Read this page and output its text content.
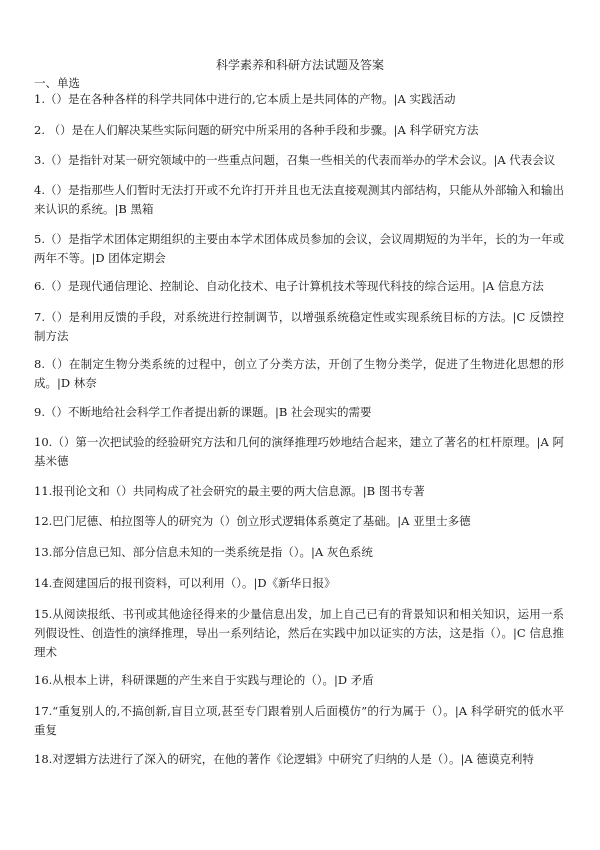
科学素养和科研方法试题及答案
一、单选
1.（）是在各种各样的科学共同体中进行的,它本质上是共同体的产物。|A 实践活动
2. （）是在人们解决某些实际问题的研究中所采用的各种手段和步骤。|A 科学研究方法
3.（）是指针对某一研究领域中的一些重点问题，召集一些相关的代表而举办的学术会议。|A 代表会议
4.（）是指那些人们暂时无法打开或不允许打开并且也无法直接观测其内部结构，只能从外部输入和输出来认识的系统。|B 黑箱
5.（）是指学术团体定期组织的主要由本学术团体成员参加的会议，会议周期短的为半年，长的为一年或两年不等。|D 团体定期会
6.（）是现代通信理论、控制论、自动化技术、电子计算机技术等现代科技的综合运用。|A 信息方法
7.（）是利用反馈的手段，对系统进行控制调节，以增强系统稳定性或实现系统目标的方法。|C 反馈控制方法
8.（）在制定生物分类系统的过程中，创立了分类方法，开创了生物分类学，促进了生物进化思想的形成。|D 林奈
9.（）不断地给社会科学工作者提出新的课题。|B 社会现实的需要
10.（）第一次把试验的经验研究方法和几何的演绎推理巧妙地结合起来，建立了著名的杠杆原理。|A 阿基米德
11.报刊论文和（）共同构成了社会研究的最主要的两大信息源。|B 图书专著
12.巴门尼德、柏拉图等人的研究为（）创立形式逻辑体系奠定了基础。|A 亚里士多德
13.部分信息已知、部分信息未知的一类系统是指（）。|A 灰色系统
14.查阅建国后的报刊资料，可以利用（）。|D《新华日报》
15.从阅读报纸、书刊或其他途径得来的少量信息出发，加上自己已有的背景知识和相关知识，运用一系列假设性、创造性的演绎推理，导出一系列结论，然后在实践中加以证实的方法，这是指（）。|C 信息推理术
16.从根本上讲，科研课题的产生来自于实践与理论的（）。|D 矛盾
17.“重复别人的,不搞创新,盲目立项,甚至专门跟着别人后面模仿”的行为属于（）。|A 科学研究的低水平重复
18.对逻辑方法进行了深入的研究，在他的著作《论逻辑》中研究了归纳的人是（）。|A 德谟克利特
